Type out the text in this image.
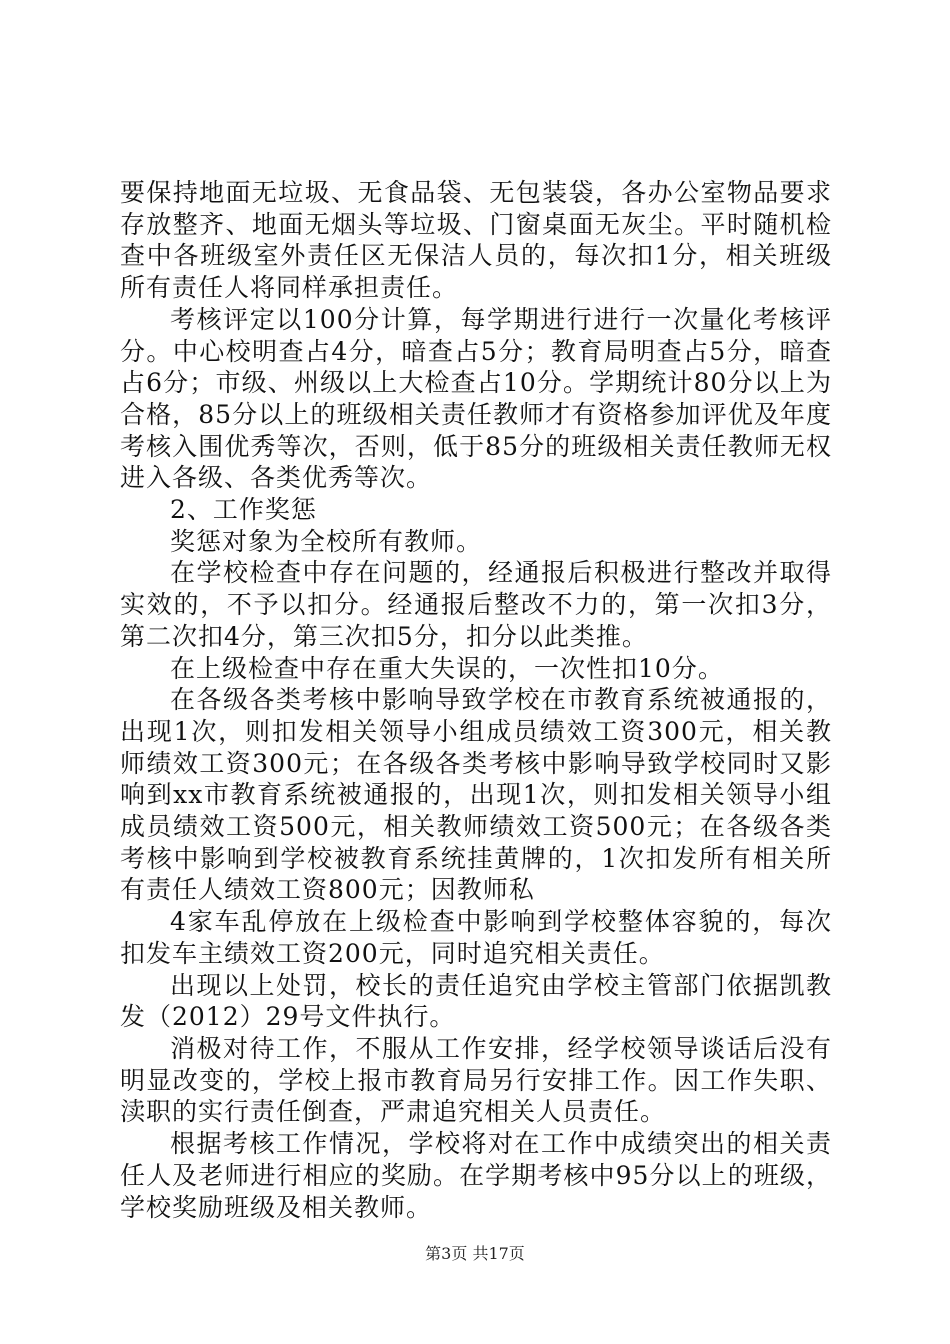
要保持地面无垃圾、无食品袋、无包装袋，各办公室物品要求存放整齐、地面无烟头等垃圾、门窗桌面无灰尘。平时随机检查中各班级室外责任区无保洁人员的，每次扣1分，相关班级所有责任人将同样承担责任。

考核评定以100分计算，每学期进行进行一次量化考核评分。中心校明查占4分，暗查占5分；教育局明查占5分，暗查占6分；市级、州级以上大检查占10分。学期统计80分以上为合格，85分以上的班级相关责任教师才有资格参加评优及年度考核入围优秀等次，否则，低于85分的班级相关责任教师无权进入各级、各类优秀等次。

2、工作奖惩

奖惩对象为全校所有教师。

在学校检查中存在问题的，经通报后积极进行整改并取得实效的，不予以扣分。经通报后整改不力的，第一次扣3分，第二次扣4分，第三次扣5分，扣分以此类推。

在上级检查中存在重大失误的，一次性扣10分。

在各级各类考核中影响导致学校在市教育系统被通报的，出现1次，则扣发相关领导小组成员绩效工资300元，相关教师绩效工资300元；在各级各类考核中影响导致学校同时又影响到xx市教育系统被通报的，出现1次，则扣发相关领导小组成员绩效工资500元，相关教师绩效工资500元；在各级各类考核中影响到学校被教育系统挂黄牌的，1次扣发所有相关所有责任人绩效工资800元；因教师私

4家车乱停放在上级检查中影响到学校整体容貌的，每次扣发车主绩效工资200元，同时追究相关责任。

出现以上处罚，校长的责任追究由学校主管部门依据凯教发（2012）29号文件执行。

消极对待工作，不服从工作安排，经学校领导谈话后没有明显改变的，学校上报市教育局另行安排工作。因工作失职、渎职的实行责任倒查，严肃追究相关人员责任。

根据考核工作情况，学校将对在工作中成绩突出的相关责任人及老师进行相应的奖励。在学期考核中95分以上的班级，学校奖励班级及相关教师。

第3页 共17页
